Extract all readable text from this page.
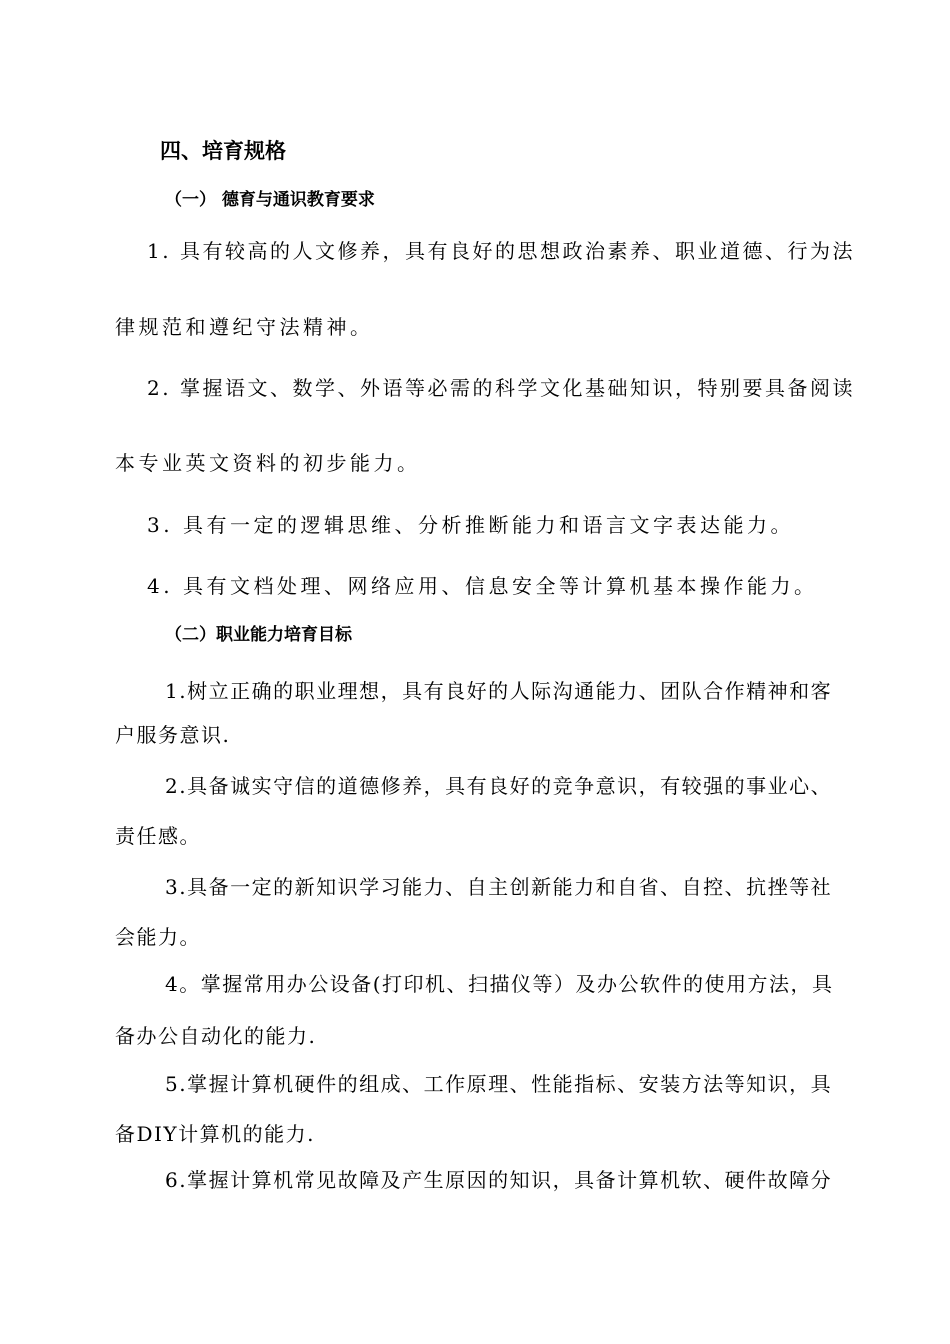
四、培育规格
（一） 德育与通识教育要求
1. 具有较高的人文修养，具有良好的思想政治素养、职业道德、行为法
律规范和遵纪守法精神。
2. 掌握语文、数学、外语等必需的科学文化基础知识，特别要具备阅读
本专业英文资料的初步能力。
3. 具有一定的逻辑思维、分析推断能力和语言文字表达能力。
4. 具有文档处理、网络应用、信息安全等计算机基本操作能力。
（二）职业能力培育目标
1.树立正确的职业理想，具有良好的人际沟通能力、团队合作精神和客
户服务意识.
2.具备诚实守信的道德修养，具有良好的竞争意识，有较强的事业心、
责任感。
3.具备一定的新知识学习能力、自主创新能力和自省、自控、抗挫等社
会能力。
4。掌握常用办公设备(打印机、扫描仪等）及办公软件的使用方法，具
备办公自动化的能力.
5.掌握计算机硬件的组成、工作原理、性能指标、安装方法等知识，具
备DIY计算机的能力.
6.掌握计算机常见故障及产生原因的知识，具备计算机软、硬件故障分
